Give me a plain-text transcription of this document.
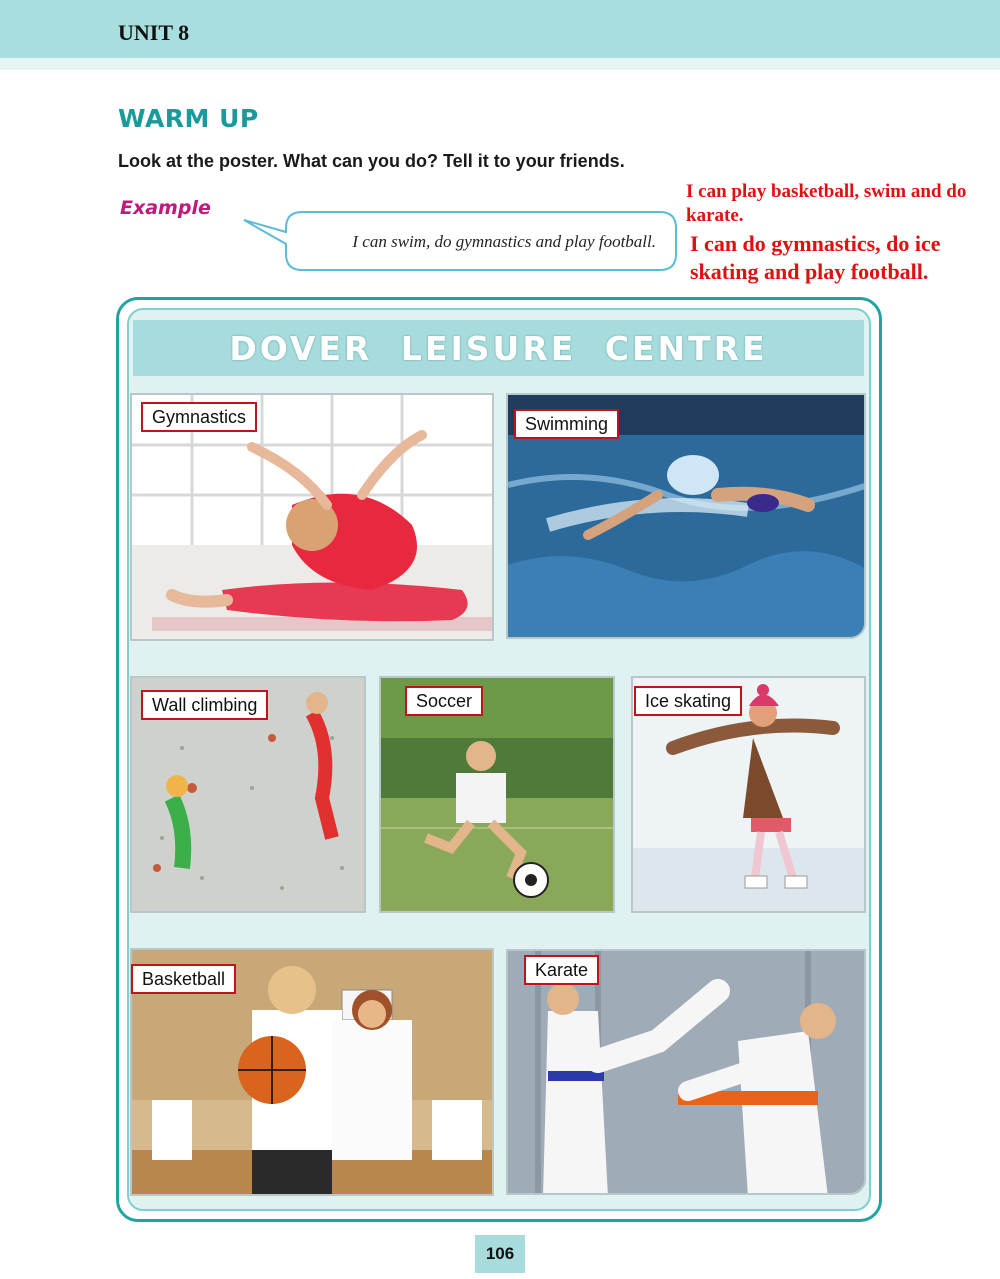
UNIT 8
WARM UP
Look at the poster. What can you do? Tell it to your friends.
Example
I can swim, do gymnastics and play football.
I can play basketball, swim and do karate.
I can do gymnastics, do ice skating and play football.
DOVER LEISURE CENTRE
Gymnastics	Swimming
Wall climbing	Soccer	Ice skating
Basketball	Karate
106
